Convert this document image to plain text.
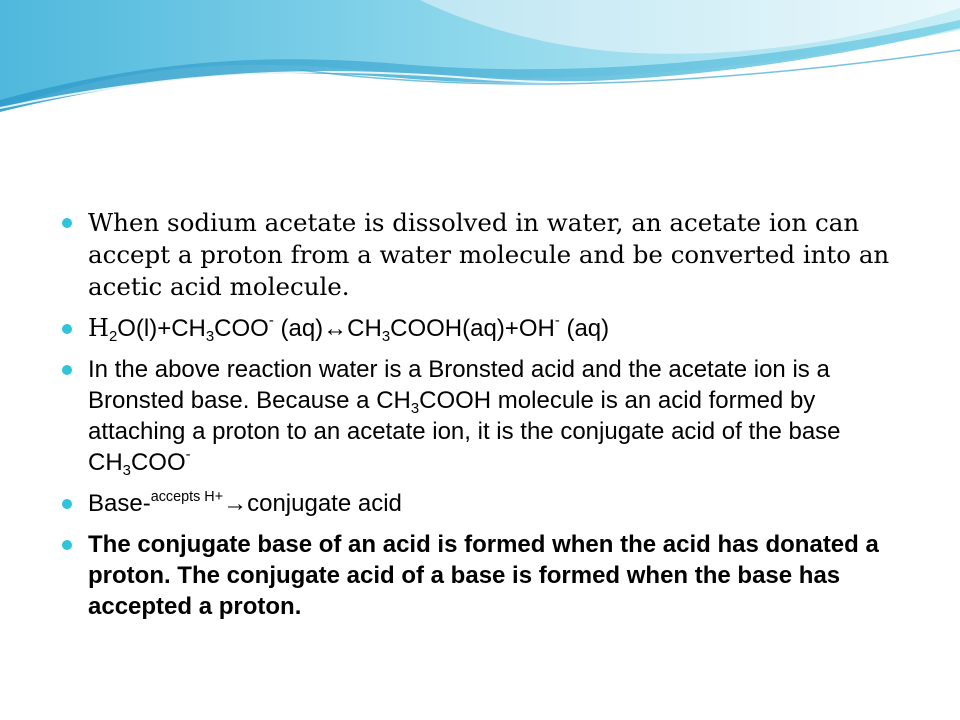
When sodium acetate is dissolved in water, an acetate ion can accept a proton from a water molecule and be converted into an acetic acid molecule.
$H_2O(l)+CH_3COO^-$ $(aq)\leftrightarrow CH_3COOH(aq)+OH^-$ (aq)
In the above reaction water is a Bronsted acid and the acetate ion is a Bronsted base. Because a $CH_3COOH$ molecule is an acid formed by attaching a proton to an acetate ion, it is the conjugate acid of the base $CH_3COO^-$
Base-$^{accepts H+}$→conjugate acid
The conjugate base of an acid is formed when the acid has donated a proton. The conjugate acid of a base is formed when the base has accepted a proton.
